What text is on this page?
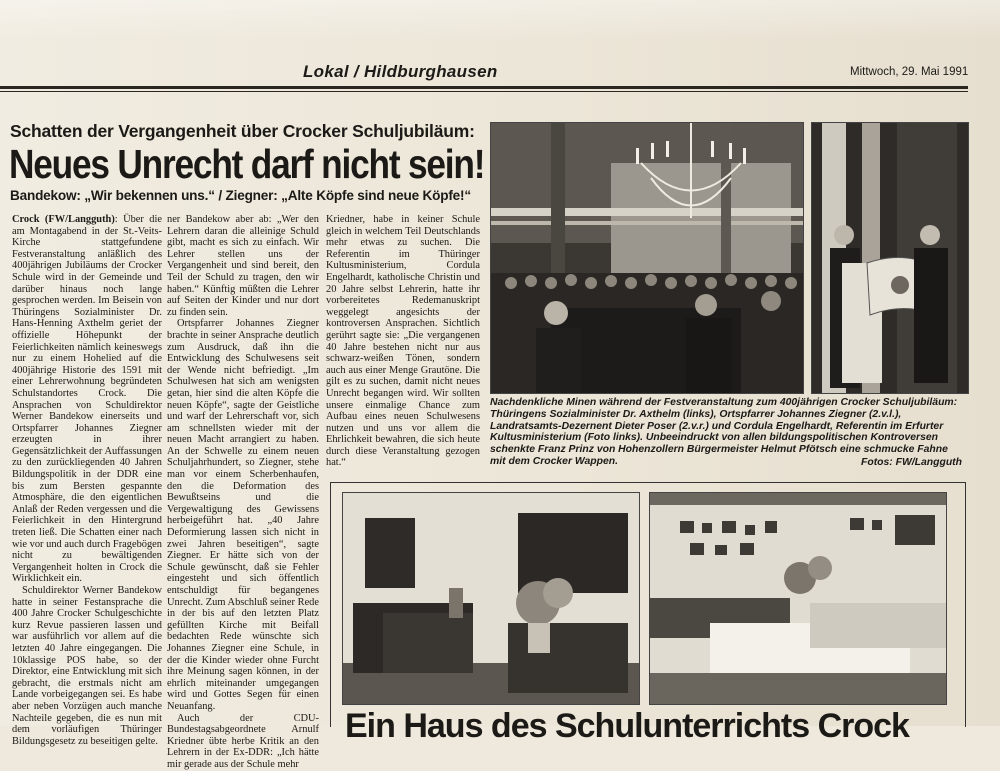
Lokal / Hildburghausen	Mittwoch, 29. Mai 1991
Schatten der Vergangenheit über Crocker Schuljubiläum:
Neues Unrecht darf nicht sein!
Bandekow: „Wir bekennen uns.“ / Ziegner: „Alte Köpfe sind neue Köpfe!“

Crock (FW/Langguth): Über die am Montagabend in der St.-Veits-Kirche stattgefundene Festveranstaltung anläßlich des 400jährigen Jubiläums der Crocker Schule wird in der Gemeinde und darüber hinaus noch lange gesprochen werden. Im Beisein von Thüringens Sozialminister Dr. Hans-Henning Axthelm geriet der offizielle Höhepunkt der Feierlichkeiten nämlich keineswegs nur zu einem Hohelied auf die 400jährige Historie des 1591 mit einer Lehrerwohnung begründeten Schulstandortes Crock. Die Ansprachen von Schuldirektor Werner Bandekow einerseits und Ortspfarrer Johannes Ziegner erzeugten in ihrer Gegensätzlichkeit der Auffassungen zu den zurückliegenden 40 Jahren Bildungspolitik in der DDR eine bis zum Bersten gespannte Atmosphäre, die den eigentlichen Anlaß der Reden vergessen und die Feierlichkeit in den Hintergrund treten ließ. Die Schatten einer nach wie vor und auch durch Fragebögen nicht zu bewältigenden Vergangenheit holten in Crock die Wirklichkeit ein.

Schuldirektor Werner Bandekow hatte in seiner Festansprache die 400 Jahre Crocker Schulgeschichte kurz Revue passieren lassen und war ausführlich vor allem auf die letzten 40 Jahre eingegangen. Die 10klassige POS habe, so der Direktor, eine Entwicklung mit sich gebracht, die erstmals nicht am Lande vorbeigegangen sei. Es habe aber neben Vorzügen auch manche Nachteile gegeben, die es nun mit dem vorläufigen Thüringer Bildungsgesetz zu beseitigen gelte.

ner Bandekow aber ab: „Wer den Lehrern daran die alleinige Schuld gibt, macht es sich zu einfach. Wir Lehrer stellen uns der Vergangenheit und sind bereit, den Teil der Schuld zu tragen, den wir haben.“ Künftig müßten die Lehrer auf Seiten der Kinder und nur dort zu finden sein.

Ortspfarrer Johannes Ziegner brachte in seiner Ansprache deutlich zum Ausdruck, daß ihn die Entwicklung des Schulwesens seit der Wende nicht befriedigt. „Im Schulwesen hat sich am wenigsten getan, hier sind die alten Köpfe die neuen Köpfe“, sagte der Geistliche und warf der Lehrerschaft vor, sich am schnellsten wieder mit der neuen Macht arrangiert zu haben. An der Schwelle zu einem neuen Schuljahrhundert, so Ziegner, stehe man vor einem Scherbenhaufen, den die Deformation des Bewußtseins und die Vergewaltigung des Gewissens herbeigeführt hat. „40 Jahre Deformierung lassen sich nicht in zwei Jahren beseitigen“, sagte Ziegner. Er hätte sich von der Schule gewünscht, daß sie Fehler eingesteht und sich öffentlich entschuldigt für begangenes Unrecht. Zum Abschluß seiner Rede in der bis auf den letzten Platz gefüllten Kirche mit Beifall bedachten Rede wünschte sich Johannes Ziegner eine Schule, in der die Kinder wieder ohne Furcht ihre Meinung sagen können, in der ehrlich miteinander umgegangen wird und Gottes Segen für einen Neuanfang.

Auch der CDU-Bundestagsabgeordnete Arnulf Kriedner übte herbe Kritik an den Lehrern in der Ex-DDR: „Ich hätte mir gerade aus der Schule mehr

Kriedner, habe in keiner Schule gleich in welchem Teil Deutschlands mehr etwas zu suchen. Die Referentin im Thüringer Kultusministerium, Cordula Engelhardt, katholische Christin und 20 Jahre selbst Lehrerin, hatte ihr vorbereitetes Redemanuskript weggelegt angesichts der kontroversen Ansprachen. Sichtlich gerührt sagte sie: „Die vergangenen 40 Jahre bestehen nicht nur aus schwarz-weißen Tönen, sondern auch aus einer Menge Grautöne. Die gilt es zu suchen, damit nicht neues Unrecht begangen wird. Wir sollten unsere einmalige Chance zum Aufbau eines neuen Schulwesens nutzen und uns vor allem die Ehrlichkeit bewahren, die sich heute durch diese Veranstaltung gezogen hat.“

Nachdenkliche Minen während der Festveranstaltung zum 400jährigen Crocker Schuljubiläum: Thüringens Sozialminister Dr. Axthelm (links), Ortspfarrer Johannes Ziegner (2.v.l.), Landratsamts-Dezernent Dieter Poser (2.v.r.) und Cordula Engelhardt, Referentin im Erfurter Kultusministerium (Foto links). Unbeeindruckt von allen bildungspolitischen Kontroversen schenkte Franz Prinz von Hohenzollern Bürgermeister Helmut Pfötsch eine schmucke Fahne mit dem Crocker Wappen.	Fotos: FW/Langguth
Ein Haus des Schulunterrichts Crock
